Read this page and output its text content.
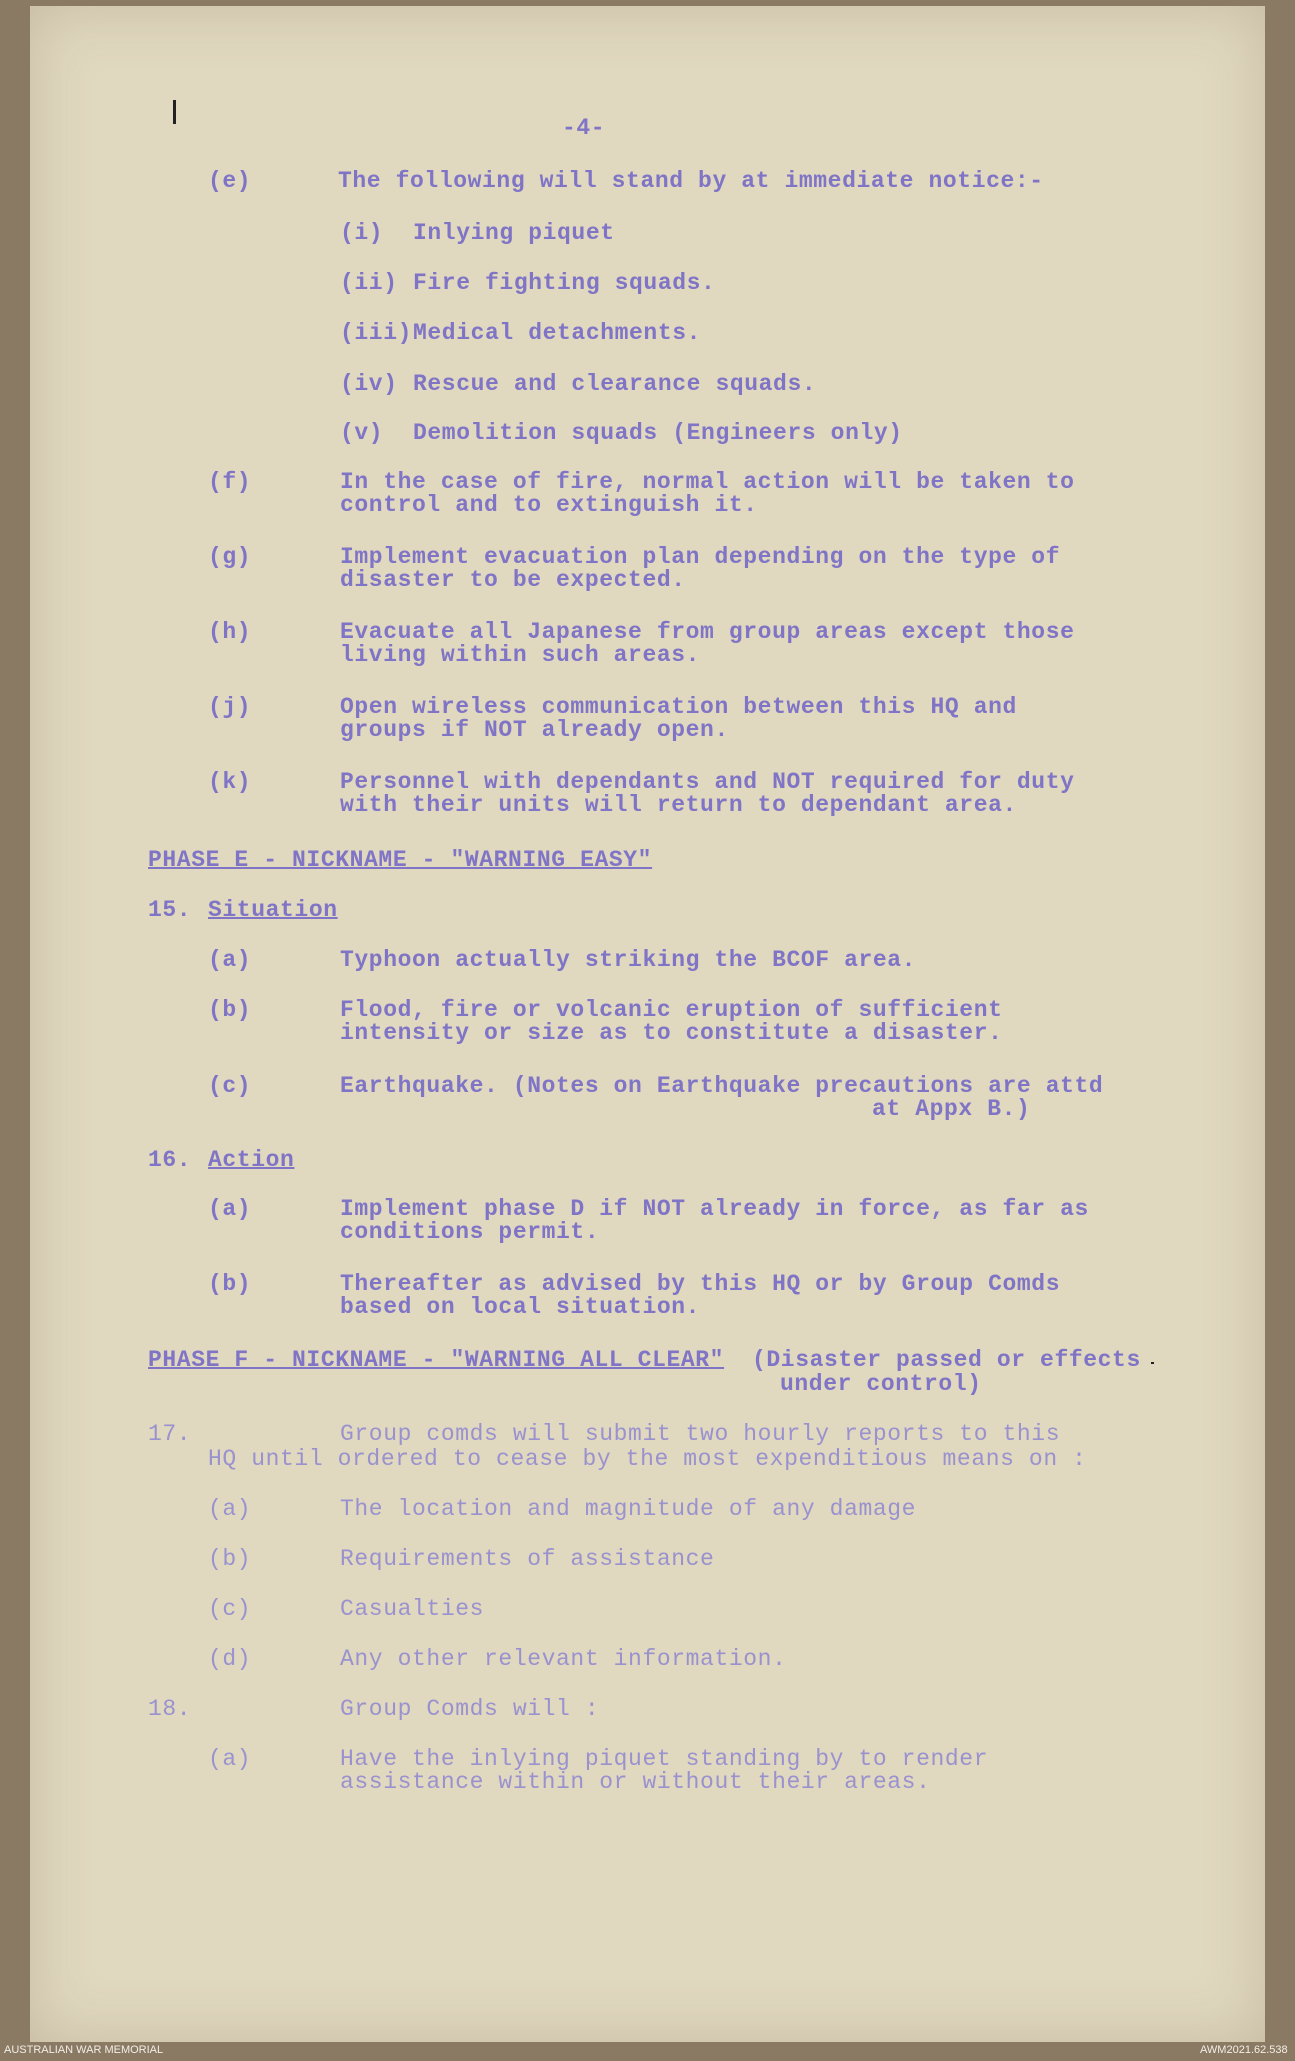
-4-
(e)	The following will stand by at immediate notice:-
(i) Inlying piquet
(ii) Fire fighting squads.
(iii) Medical detachments.
(iv) Rescue and clearance squads.
(v) Demolition squads (Engineers only)
(f)	In the case of fire, normal action will be taken to
control and to extinguish it.
(g)	Implement evacuation plan depending on the type of
disaster to be expected.
(h)	Evacuate all Japanese from group areas except those
living within such areas.
(j)	Open wireless communication between this HQ and
groups if NOT already open.
(k)	Personnel with dependants and NOT required for duty
with their units will return to dependant area.
PHASE E - NICKNAME - "WARNING EASY"
15. Situation
(a)	Typhoon actually striking the BCOF area.
(b)	Flood, fire or volcanic eruption of sufficient
intensity or size as to constitute a disaster.
(c)	Earthquake. (Notes on Earthquake precautions are attd
at Appx B.)
16. Action
(a)	Implement phase D if NOT already in force, as far as
conditions permit.
(b)	Thereafter as advised by this HQ or by Group Comds
based on local situation.
PHASE F - NICKNAME - "WARNING ALL CLEAR" (Disaster passed or effects
under control)
17.	Group comds will submit two hourly reports to this
HQ until ordered to cease by the most expenditious means on :
(a)	The location and magnitude of any damage
(b)	Requirements of assistance
(c)	Casualties
(d)	Any other relevant information.
18.	Group Comds will :
(a)	Have the inlying piquet standing by to render
assistance within or without their areas.
AUSTRALIAN WAR MEMORIAL	AWM2021.62.538
